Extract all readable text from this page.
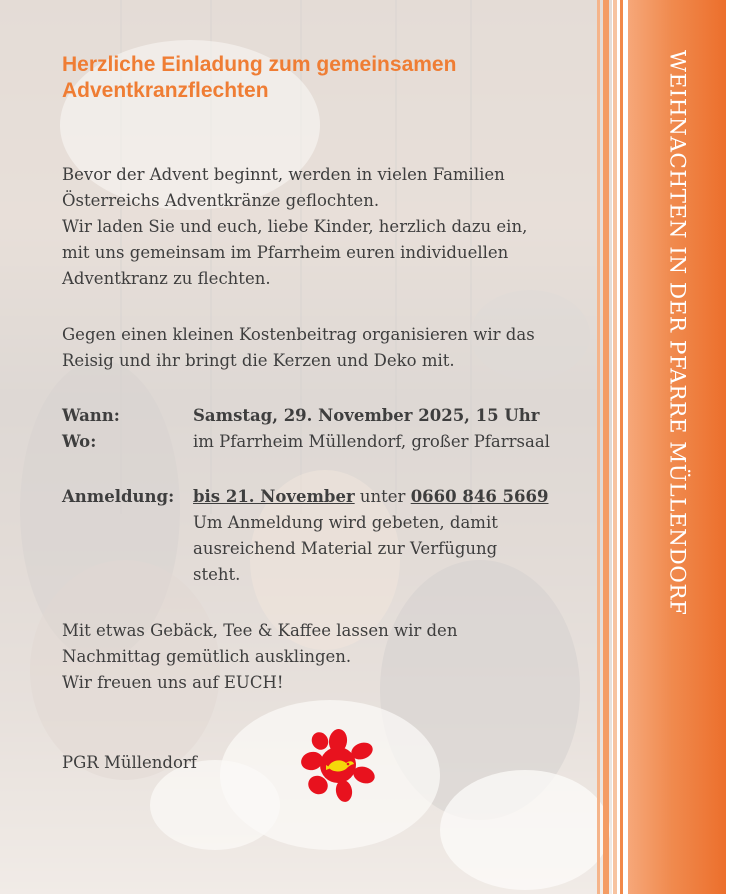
WEIHNACHTEN IN DER PFARRE MÜLLENDORF
Herzliche Einladung zum gemeinsamen Adventkranzflechten
Bevor der Advent beginnt, werden in vielen Familien
Österreichs Adventkränze geflochten.
Wir laden Sie und euch, liebe Kinder, herzlich dazu ein,
mit uns gemeinsam im Pfarrheim euren individuellen
Adventkranz zu flechten.
Gegen einen kleinen Kostenbeitrag organisieren wir das
Reisig und ihr bringt die Kerzen und Deko mit.
Wann:	Samstag, 29. November 2025, 15 Uhr
Wo:	im Pfarrheim Müllendorf, großer Pfarrsaal
Anmeldung: bis 21. November unter 0660 846 5669
Um Anmeldung wird gebeten, damit
ausreichend Material zur Verfügung
steht.
Mit etwas Gebäck, Tee & Kaffee lassen wir den
Nachmittag gemütlich ausklingen.
Wir freuen uns auf EUCH!
PGR Müllendorf
